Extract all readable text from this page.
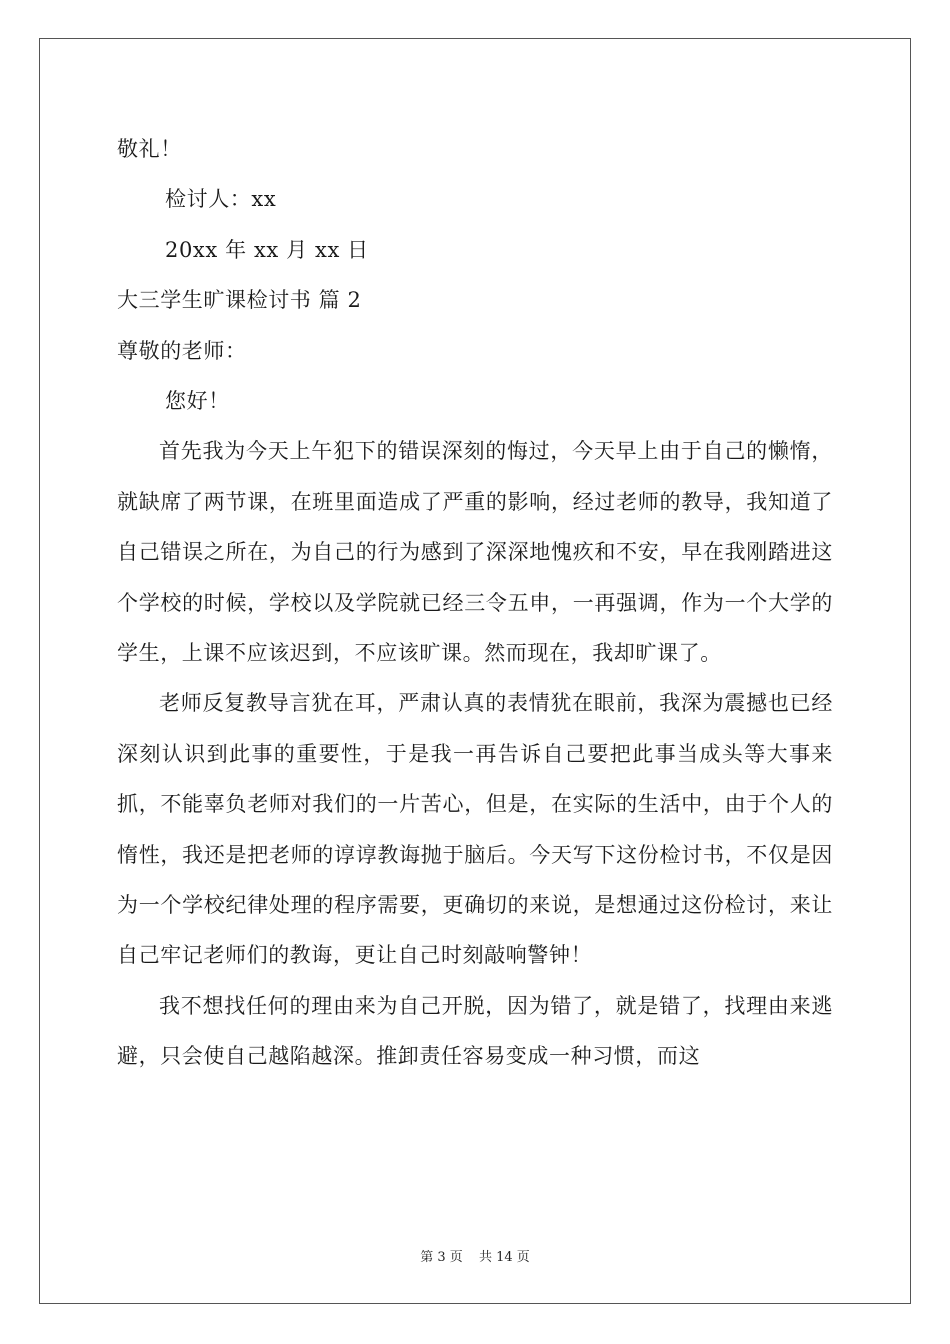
敬礼！
检讨人：xx
20xx 年 xx 月 xx 日
大三学生旷课检讨书 篇 2
尊敬的老师：
您好！

首先我为今天上午犯下的错误深刻的悔过，今天早上由于自己的懒惰，就缺席了两节课，在班里面造成了严重的影响，经过老师的教导，我知道了自己错误之所在，为自己的行为感到了深深地愧疚和不安，早在我刚踏进这个学校的时候，学校以及学院就已经三令五申，一再强调，作为一个大学的学生，上课不应该迟到，不应该旷课。然而现在，我却旷课了。

老师反复教导言犹在耳，严肃认真的表情犹在眼前，我深为震撼也已经深刻认识到此事的重要性，于是我一再告诉自己要把此事当成头等大事来抓，不能辜负老师对我们的一片苦心，但是，在实际的生活中，由于个人的惰性，我还是把老师的谆谆教诲抛于脑后。今天写下这份检讨书，不仅是因为一个学校纪律处理的程序需要，更确切的来说，是想通过这份检讨，来让自己牢记老师们的教诲，更让自己时刻敲响警钟！

我不想找任何的理由来为自己开脱，因为错了，就是错了，找理由来逃避，只会使自己越陷越深。推卸责任容易变成一种习惯，而这

第 3 页 共 14 页
